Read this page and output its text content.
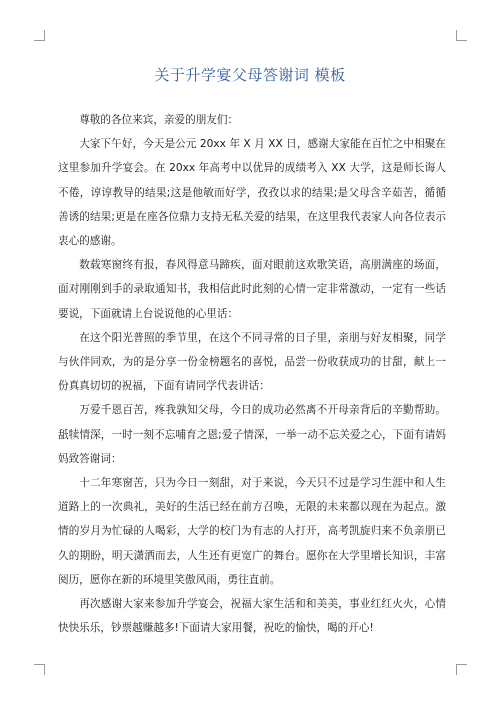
关于升学宴父母答谢词 模板

尊敬的各位来宾，亲爱的朋友们：

大家下午好，今天是公元 20xx 年 X 月 XX 日，感谢大家能在百忙之中相聚在这里参加升学宴会。在 20xx 年高考中以优异的成绩考入 XX 大学，这是师长诲人不倦，谆谆教导的结果;这是他敏而好学，孜孜以求的结果;是父母含辛茹苦，循循善诱的结果;更是在座各位鼎力支持无私关爱的结果，在这里我代表家人向各位表示衷心的感谢。

数载寒窗终有报，春风得意马蹄疾，面对眼前这欢歌笑语，高朋满座的场面，面对刚刚到手的录取通知书，我相信此时此刻的心情一定非常激动，一定有一些话要说，下面就请上台说说他的心里话：

在这个阳光普照的季节里，在这个不同寻常的日子里，亲朋与好友相聚，同学与伙伴同欢，为的是分享一份金榜题名的喜悦，品尝一份收获成功的甘甜，献上一份真真切切的祝福，下面有请同学代表讲话：

万爱千恩百苦，疼我孰知父母，今日的成功必然离不开母亲背后的辛勤帮助。舐犊情深，一时一刻不忘哺育之恩;爱子情深，一举一动不忘关爱之心，下面有请妈妈致答谢词：

十二年寒窗苦，只为今日一刻甜，对于来说，今天只不过是学习生涯中和人生道路上的一次典礼，美好的生活已经在前方召唤，无限的未来都以现在为起点。激情的岁月为忙碌的人喝彩，大学的校门为有志的人打开，高考凯旋归来不负亲朋已久的期盼，明天潇洒而去，人生还有更宽广的舞台。愿你在大学里增长知识，丰富阅历，愿你在新的环境里笑傲风雨，勇往直前。

再次感谢大家来参加升学宴会，祝福大家生活和和美美，事业红红火火，心情快快乐乐，钞票越赚越多!下面请大家用餐，祝吃的愉快，喝的开心!
